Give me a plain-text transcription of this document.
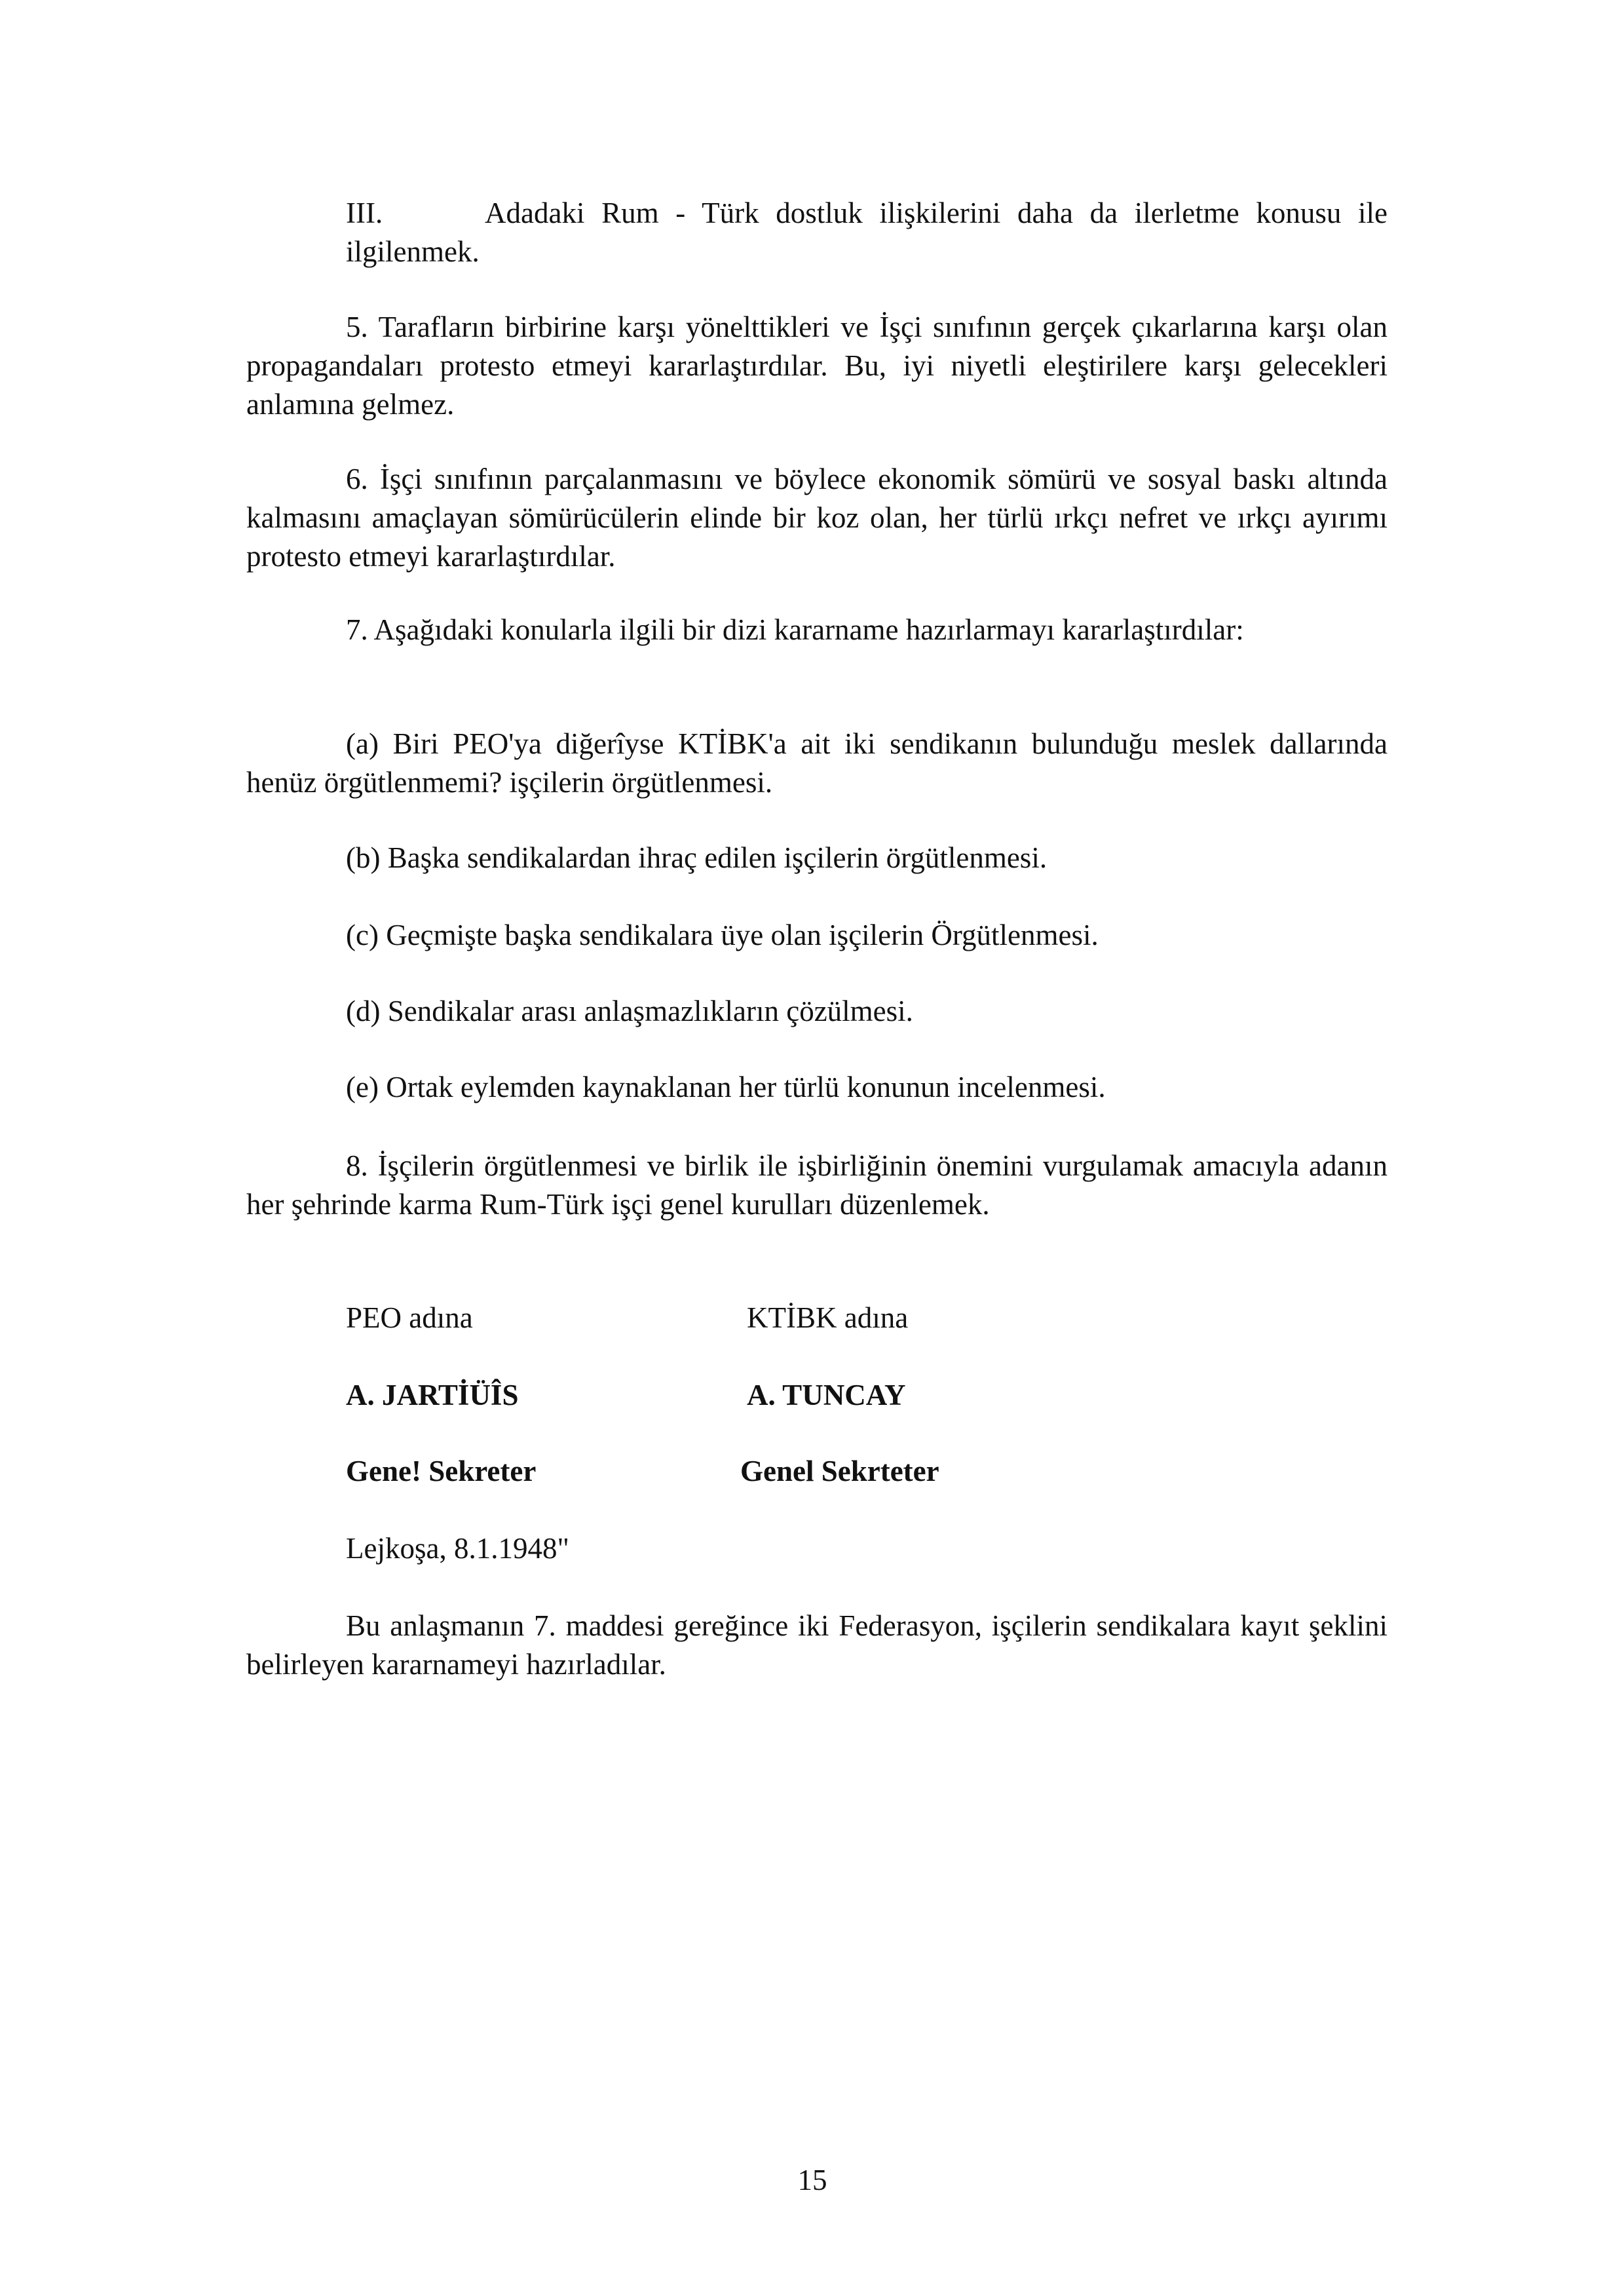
III.	Adadaki Rum - Türk dostluk ilişkilerini daha da ilerletme konusu ile ilgilenmek.

5. Tarafların birbirine karşı yönelttikleri ve İşçi sınıfının gerçek çıkarlarına karşı olan propagandaları protesto etmeyi kararlaştırdılar. Bu, iyi niyetli eleştirilere karşı gelecekleri anlamına gelmez.

6. İşçi sınıfının parçalanmasını ve böylece ekonomik sömürü ve sosyal baskı altında kalmasını amaçlayan sömürücülerin elinde bir koz olan, her türlü ırkçı nefret ve ırkçı ayırımı protesto etmeyi kararlaştırdılar.

7. Aşağıdaki konularla ilgili bir dizi kararname hazırlarmayı kararlaştırdılar:

(a) Biri PEO'ya diğerîyse KTİBK'a ait iki sendikanın bulunduğu meslek dallarında henüz örgütlenmemi? işçilerin örgütlenmesi.

(b) Başka sendikalardan ihraç edilen işçilerin örgütlenmesi.

(c) Geçmişte başka sendikalara üye olan işçilerin Örgütlenmesi.

(d) Sendikalar arası anlaşmazlıkların çözülmesi.

(e) Ortak eylemden kaynaklanan her türlü konunun incelenmesi.

8. İşçilerin örgütlenmesi ve birlik ile işbirliğinin önemini vurgulamak amacıyla adanın her şehrinde karma Rum-Türk işçi genel kurulları düzenlemek.

PEO adına	KTİBK adına

A. JARTİÜÎS	A. TUNCAY

Gene! Sekreter	Genel Sekrteter

Lejkoşa, 8.1.1948"

Bu anlaşmanın 7. maddesi gereğince iki Federasyon, işçilerin sendikalara kayıt şeklini belirleyen kararnameyi hazırladılar.

15
